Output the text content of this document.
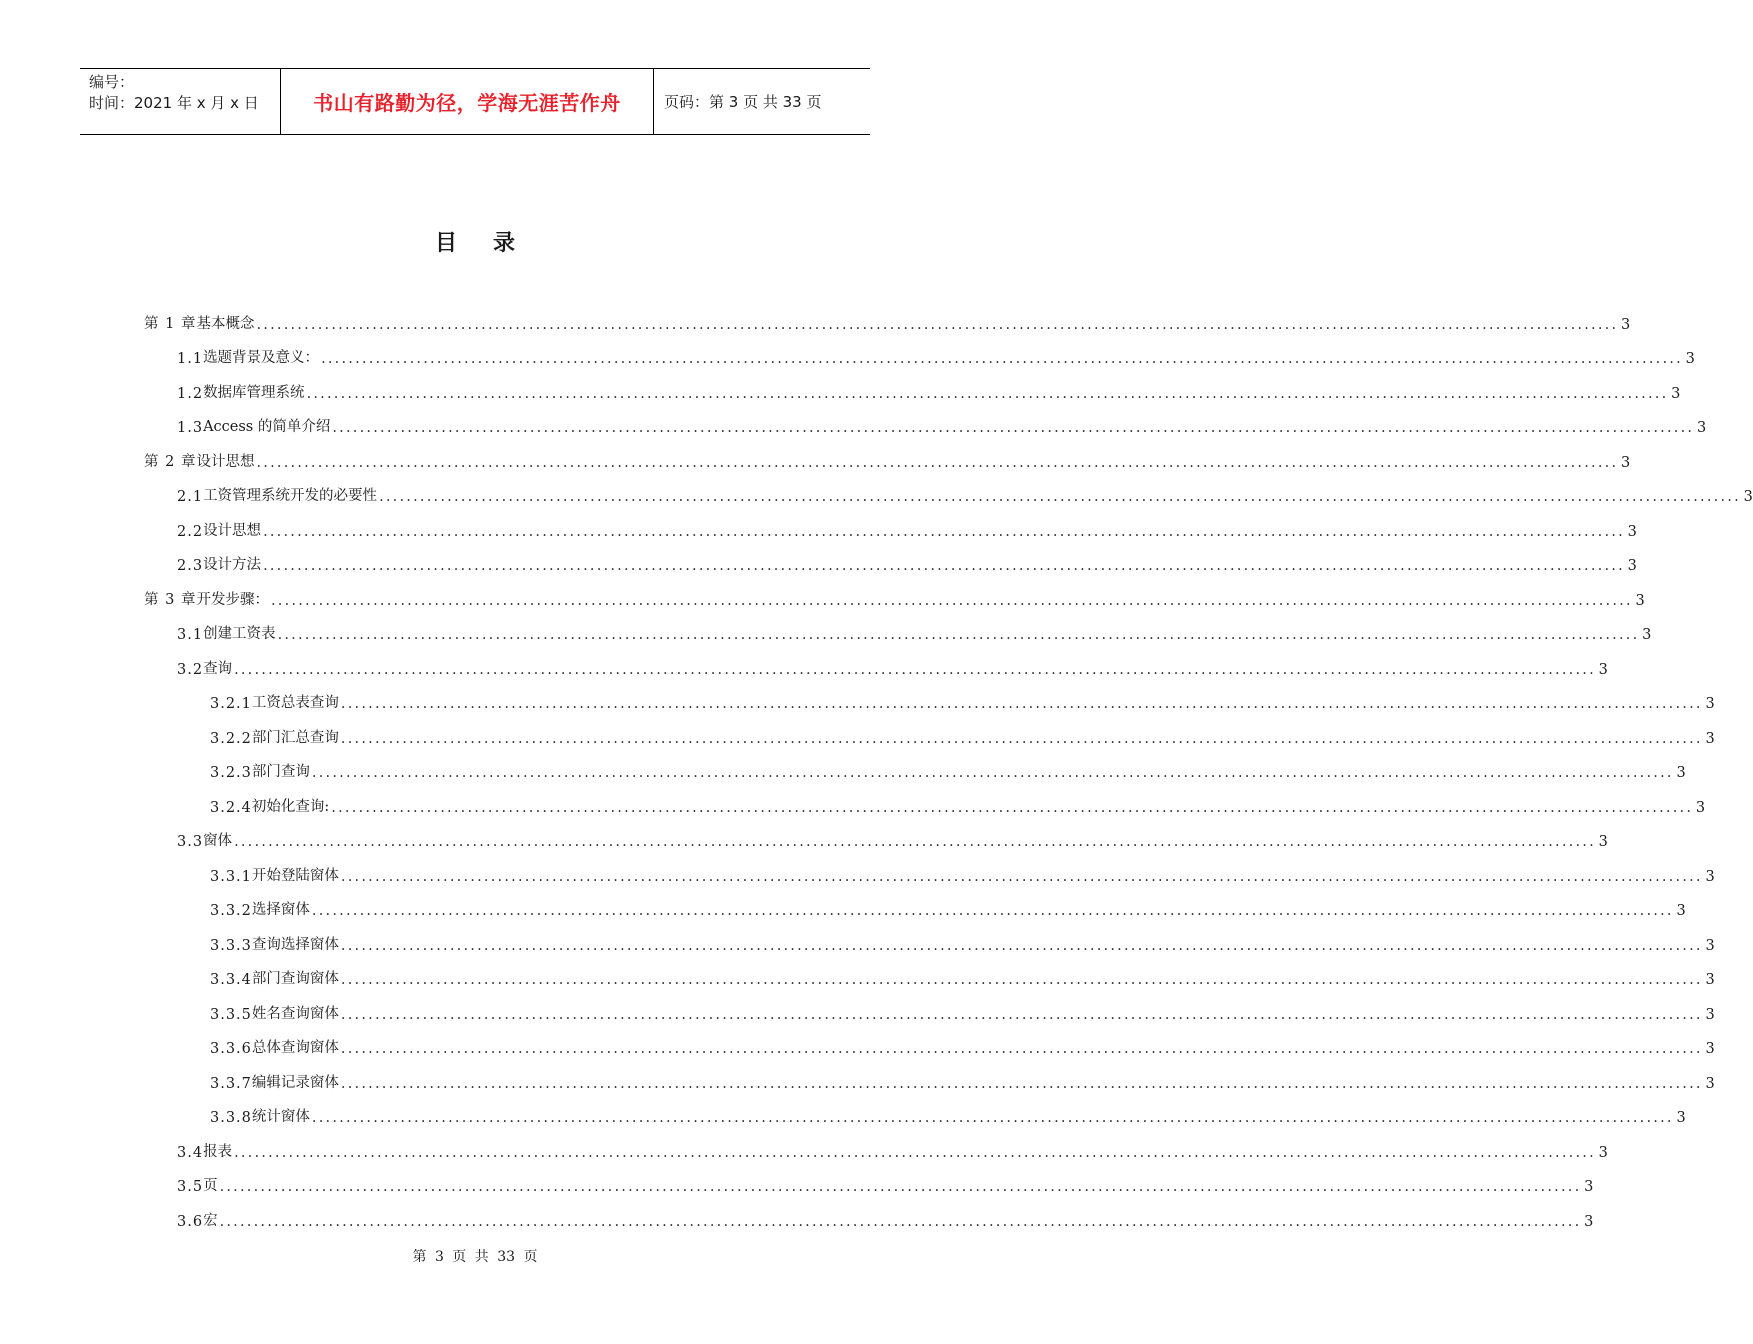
编号：
时间：2021 年 x 月 x 日	书山有路勤为径，学海无涯苦作舟	页码：第 3 页 共 33 页
目录
第 1 章 基本概念 ........................................................................................................................................................................................................ 3
1.1 选题背景及意义： ........................................................................................................................................................................................................ 3
1.2 数据库管理系统 ........................................................................................................................................................................................................ 3
1.3 Access 的简单介绍 ........................................................................................................................................................................................................ 3
第 2 章 设计思想 ........................................................................................................................................................................................................ 3
2.1 工资管理系统开发的必要性 ........................................................................................................................................................................................................ 3
2.2 设计思想 ........................................................................................................................................................................................................ 3
2.3 设计方法 ........................................................................................................................................................................................................ 3
第 3 章 开发步骤： ........................................................................................................................................................................................................ 3
3.1 创建工资表 ........................................................................................................................................................................................................ 3
3.2 查询 ........................................................................................................................................................................................................ 3
3.2.1 工资总表查询 ........................................................................................................................................................................................................ 3
3.2.2 部门汇总查询 ........................................................................................................................................................................................................ 3
3.2.3 部门查询 ........................................................................................................................................................................................................ 3
3.2.4 初始化查询: ........................................................................................................................................................................................................ 3
3.3 窗体 ........................................................................................................................................................................................................ 3
3.3.1 开始登陆窗体 ........................................................................................................................................................................................................ 3
3.3.2 选择窗体 ........................................................................................................................................................................................................ 3
3.3.3 查询选择窗体 ........................................................................................................................................................................................................ 3
3.3.4 部门查询窗体 ........................................................................................................................................................................................................ 3
3.3.5 姓名查询窗体 ........................................................................................................................................................................................................ 3
3.3.6 总体查询窗体 ........................................................................................................................................................................................................ 3
3.3.7 编辑记录窗体 ........................................................................................................................................................................................................ 3
3.3.8 统计窗体 ........................................................................................................................................................................................................ 3
3.4 报表 ........................................................................................................................................................................................................ 3
3.5 页 ........................................................................................................................................................................................................ 3
3.6 宏 ........................................................................................................................................................................................................ 3
第 3 页 共 33 页
